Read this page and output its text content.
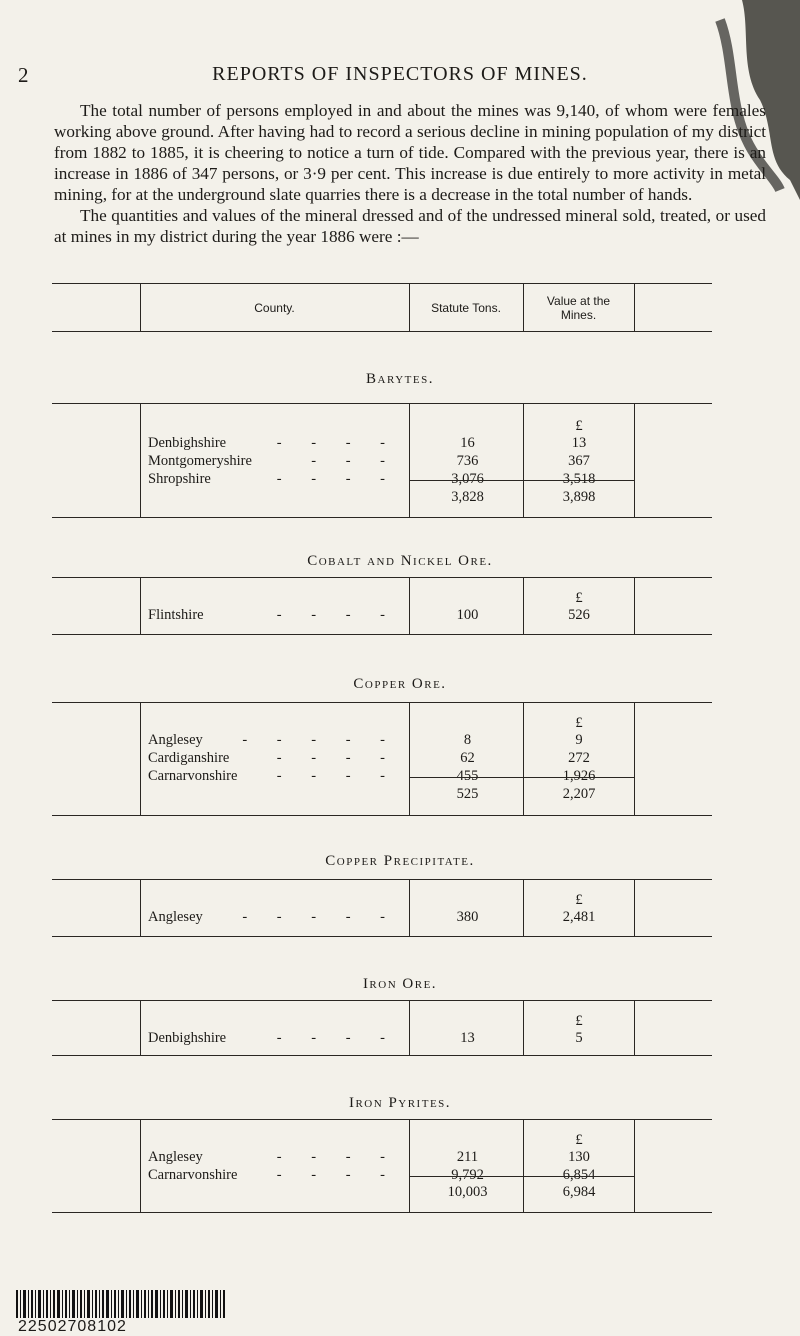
2	REPORTS OF INSPECTORS OF MINES.

The total number of persons employed in and about the mines was 9,140, of whom were females working above ground. After having had to record a serious decline in mining population of my district from 1882 to 1885, it is cheering to notice a turn of tide. Compared with the previous year, there is an increase in 1886 of 347 persons, or 3·9 per cent. This increase is due entirely to more activity in metal mining, for at the underground slate quarries there is a decrease in the total number of hands.

The quantities and values of the mineral dressed and of the undressed mineral sold, treated, or used at mines in my district during the year 1886 were :—

County.	Statute Tons.	Value at the Mines.
Barytes.
£
Denbighshire	- - - -	16	13
Montgomeryshire	- - -	736	367
Shropshire	- - - -	3,076	3,518
3,828	3,898
Cobalt and Nickel Ore.
£
Flintshire	- - - -	100	526
Copper Ore.
£
Anglesey	- - - - -	8	9
Cardiganshire	- - - -	62	272
Carnarvonshire	- - - -	455	1,926
525	2,207
Copper Precipitate.
£
Anglesey	- - - - -	380	2,481
Iron Ore.
£
Denbighshire	- - - -	13	5
Iron Pyrites.
£
Anglesey	- - - -	211	130
Carnarvonshire	- - - -	9,792	6,854
10,003	6,984
22502708102
